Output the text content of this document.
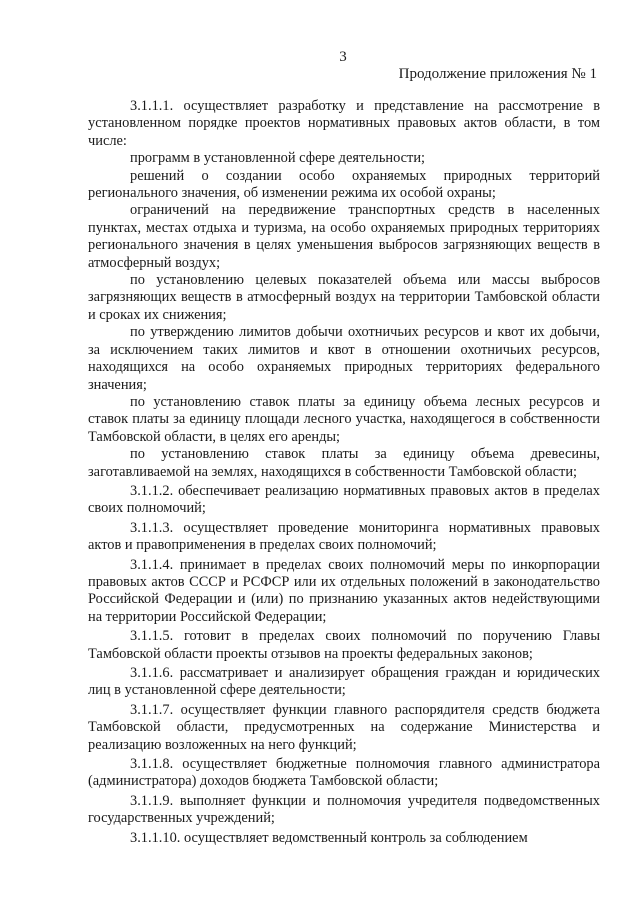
3
Продолжение приложения № 1

3.1.1.1. осуществляет разработку и представление на рассмотрение в установленном порядке проектов нормативных правовых актов области, в том числе:

программ в установленной сфере деятельности;

решений о создании особо охраняемых природных территорий регионального значения, об изменении режима их особой охраны;

ограничений на передвижение транспортных средств в населенных пунктах, местах отдыха и туризма, на особо охраняемых природных территориях регионального значения в целях уменьшения выбросов загрязняющих веществ в атмосферный воздух;

по установлению целевых показателей объема или массы выбросов загрязняющих веществ в атмосферный воздух на территории Тамбовской области и сроках их снижения;

по утверждению лимитов добычи охотничьих ресурсов и квот их добычи, за исключением таких лимитов и квот в отношении охотничьих ресурсов, находящихся на особо охраняемых природных территориях федерального значения;

по установлению ставок платы за единицу объема лесных ресурсов и ставок платы за единицу площади лесного участка, находящегося в собственности Тамбовской области, в целях его аренды;

по установлению ставок платы за единицу объема древесины, заготавливаемой на землях, находящихся в собственности Тамбовской области;

3.1.1.2. обеспечивает реализацию нормативных правовых актов в пределах своих полномочий;

3.1.1.3. осуществляет проведение мониторинга нормативных правовых актов и правоприменения в пределах своих полномочий;

3.1.1.4. принимает в пределах своих полномочий меры по инкорпорации правовых актов СССР и РСФСР или их отдельных положений в законодательство Российской Федерации и (или) по признанию указанных актов недействующими на территории Российской Федерации;

3.1.1.5. готовит в пределах своих полномочий по поручению Главы Тамбовской области проекты отзывов на проекты федеральных законов;

3.1.1.6. рассматривает и анализирует обращения граждан и юридических лиц в установленной сфере деятельности;

3.1.1.7. осуществляет функции главного распорядителя средств бюджета Тамбовской области, предусмотренных на содержание Министерства и реализацию возложенных на него функций;

3.1.1.8. осуществляет бюджетные полномочия главного администратора (администратора) доходов бюджета Тамбовской области;

3.1.1.9. выполняет функции и полномочия учредителя подведомственных государственных учреждений;

3.1.1.10. осуществляет ведомственный контроль за соблюдением
